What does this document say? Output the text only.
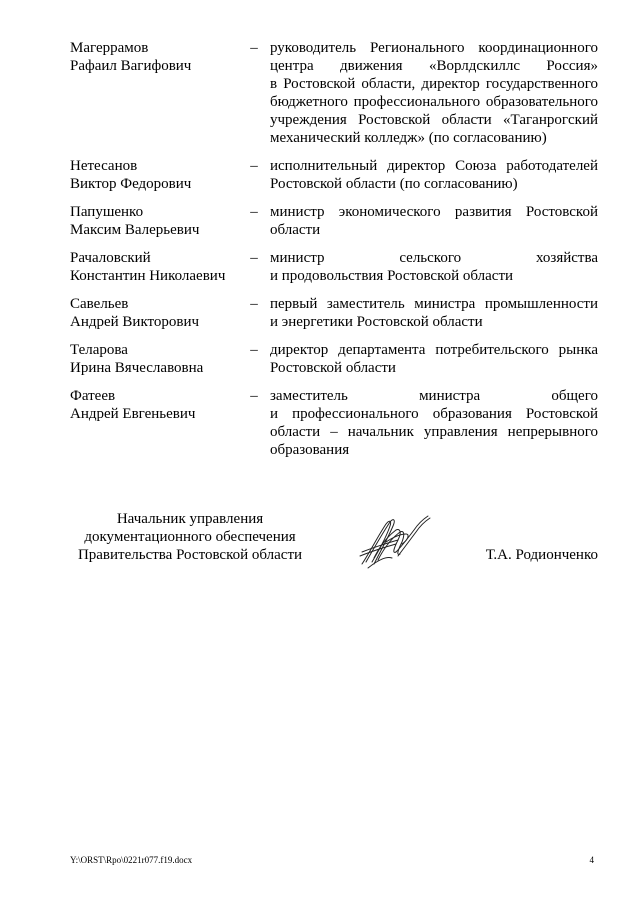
Магеррамов
Рафаил Вагифович
– руководитель Регионального координационного
центра движения «Ворлдскиллс Россия»
в Ростовской области, директор государственного
бюджетного профессионального образовательного
учреждения Ростовской области «Таганрогский
механический колледж» (по согласованию)
Нетесанов
Виктор Федорович
– исполнительный директор Союза работодателей
Ростовской области (по согласованию)
Папушенко
Максим Валерьевич
– министр экономического развития Ростовской
области
Рачаловский
Константин Николаевич
– министр сельского хозяйства
и продовольствия Ростовской области
Савельев
Андрей Викторович
– первый заместитель министра промышленности
и энергетики Ростовской области
Теларова
Ирина Вячеславовна
– директор департамента потребительского рынка
Ростовской области
Фатеев
Андрей Евгеньевич
– заместитель министра общего
и профессионального образования Ростовской
области – начальник управления непрерывного
образования
Начальник управления
документационного обеспечения
Правительства Ростовской области	Т.А. Родионченко
Y:\ORST\Rpo\0221r077.f19.docx	4
